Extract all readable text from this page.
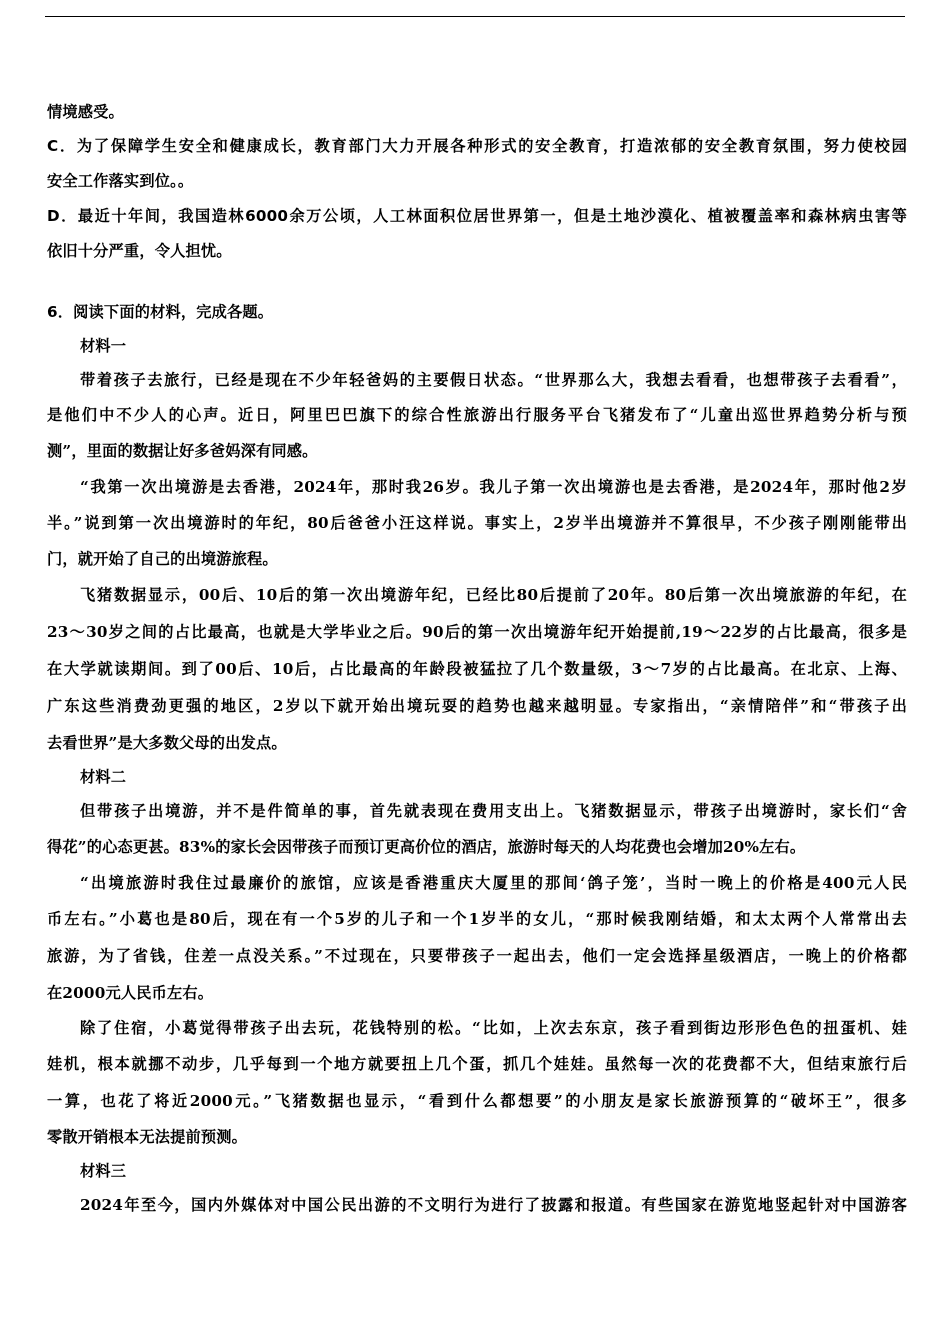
情境感受。
C．为了保障学生安全和健康成长，教育部门大力开展各种形式的安全教育，打造浓郁的安全教育氛围，努力使校园
安全工作落实到位。。
D．最近十年间，我国造林6000余万公顷，人工林面积位居世界第一，但是土地沙漠化、植被覆盖率和森林病虫害等
依旧十分严重，令人担忧。
6．阅读下面的材料，完成各题。
材料一
带着孩子去旅行，已经是现在不少年轻爸妈的主要假日状态。“世界那么大，我想去看看，也想带孩子去看看”，
是他们中不少人的心声。近日，阿里巴巴旗下的综合性旅游出行服务平台飞猪发布了“儿童出巡世界趋势分析与预
测”，里面的数据让好多爸妈深有同感。
“我第一次出境游是去香港，2024年，那时我26岁。我儿子第一次出境游也是去香港，是2024年，那时他2岁
半。”说到第一次出境游时的年纪，80后爸爸小汪这样说。事实上，2岁半出境游并不算很早，不少孩子刚刚能带出
门，就开始了自己的出境游旅程。
飞猪数据显示，00后、10后的第一次出境游年纪，已经比80后提前了20年。80后第一次出境旅游的年纪，在
23～30岁之间的占比最高，也就是大学毕业之后。90后的第一次出境游年纪开始提前,19～22岁的占比最高，很多是
在大学就读期间。到了00后、10后，占比最高的年龄段被猛拉了几个数量级，3～7岁的占比最高。在北京、上海、
广东这些消费劲更强的地区，2岁以下就开始出境玩耍的趋势也越来越明显。专家指出，“亲情陪伴”和“带孩子出
去看世界”是大多数父母的出发点。
材料二
但带孩子出境游，并不是件简单的事，首先就表现在费用支出上。飞猪数据显示，带孩子出境游时，家长们“舍
得花”的心态更甚。83%的家长会因带孩子而预订更高价位的酒店，旅游时每天的人均花费也会增加20%左右。
“出境旅游时我住过最廉价的旅馆，应该是香港重庆大厦里的那间‘鸽子笼’，当时一晚上的价格是400元人民
币左右。”小葛也是80后，现在有一个5岁的儿子和一个1岁半的女儿，“那时候我刚结婚，和太太两个人常常出去
旅游，为了省钱，住差一点没关系。”不过现在，只要带孩子一起出去，他们一定会选择星级酒店，一晚上的价格都
在2000元人民币左右。
除了住宿，小葛觉得带孩子出去玩，花钱特别的松。“比如，上次去东京，孩子看到街边形形色色的扭蛋机、娃
娃机，根本就挪不动步，几乎每到一个地方就要扭上几个蛋，抓几个娃娃。虽然每一次的花费都不大，但结束旅行后
一算，也花了将近2000元。”飞猪数据也显示，“看到什么都想要”的小朋友是家长旅游预算的“破坏王”，很多
零散开销根本无法提前预测。
材料三
2024年至今，国内外媒体对中国公民出游的不文明行为进行了披露和报道。有些国家在游览地竖起针对中国游客
